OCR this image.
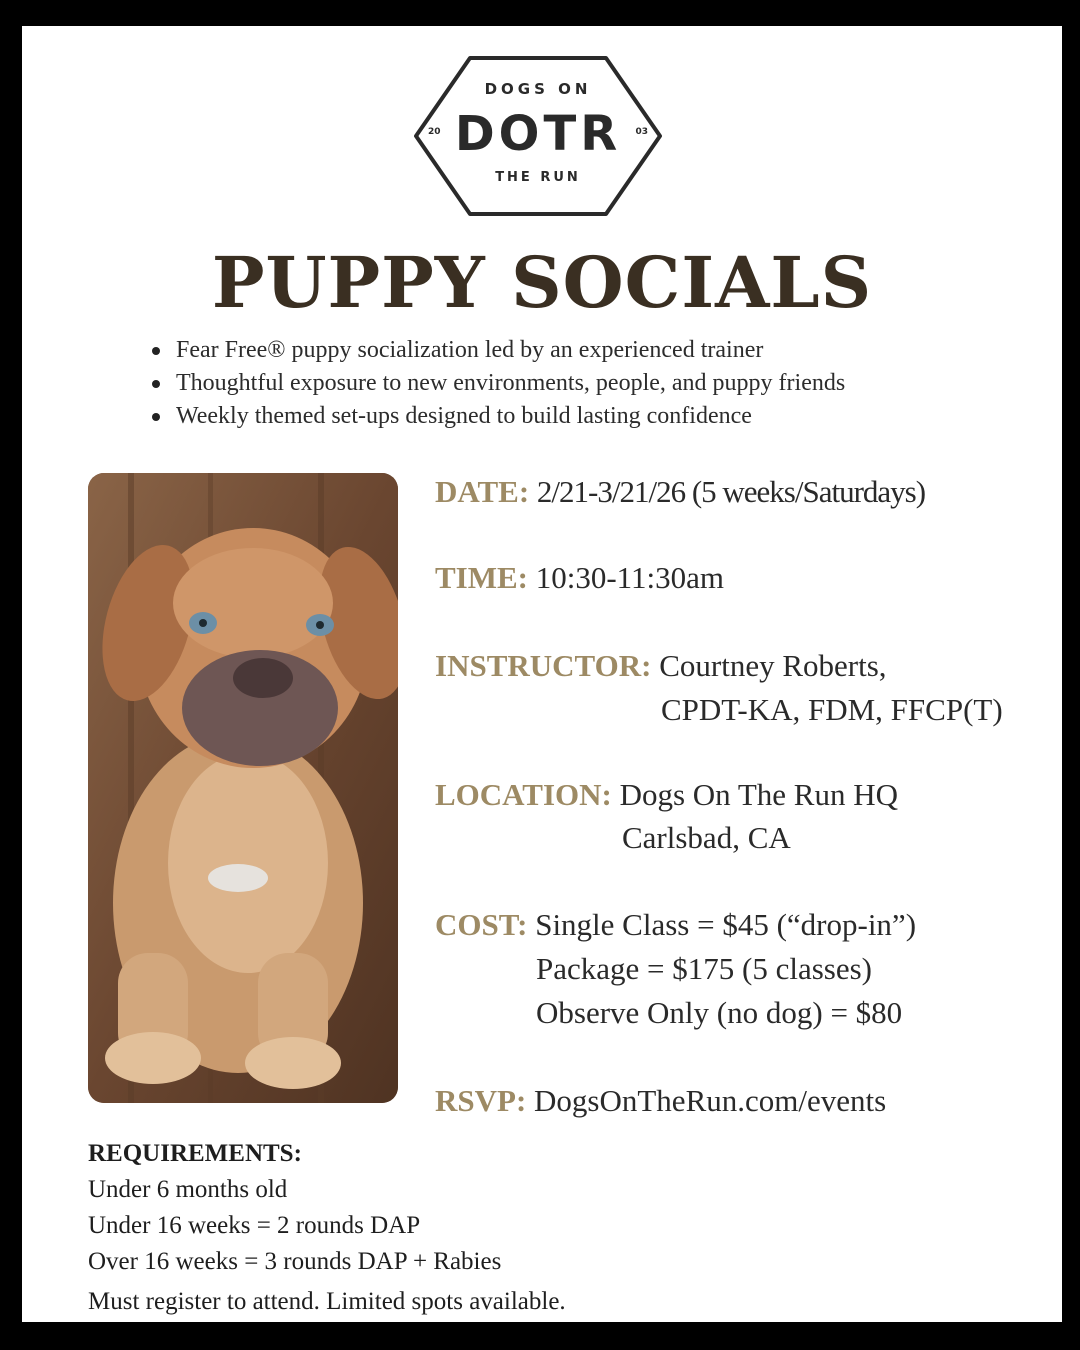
DOGS ON
DOTR
THE RUN
20	03
PUPPY SOCIALS
Fear Free® puppy socialization led by an experienced trainer
Thoughtful exposure to new environments, people, and puppy friends
Weekly themed set-ups designed to build lasting confidence
DATE: 2/21-3/21/26 (5 weeks/Saturdays)
TIME: 10:30-11:30am
INSTRUCTOR: Courtney Roberts,
CPDT-KA, FDM, FFCP(T)
LOCATION: Dogs On The Run HQ
Carlsbad, CA
COST: Single Class = $45 (“drop-in”)
Package = $175 (5 classes)
Observe Only (no dog) = $80
RSVP: DogsOnTheRun.com/events
REQUIREMENTS:
Under 6 months old
Under 16 weeks = 2 rounds DAP
Over 16 weeks = 3 rounds DAP + Rabies
Must register to attend. Limited spots available.
